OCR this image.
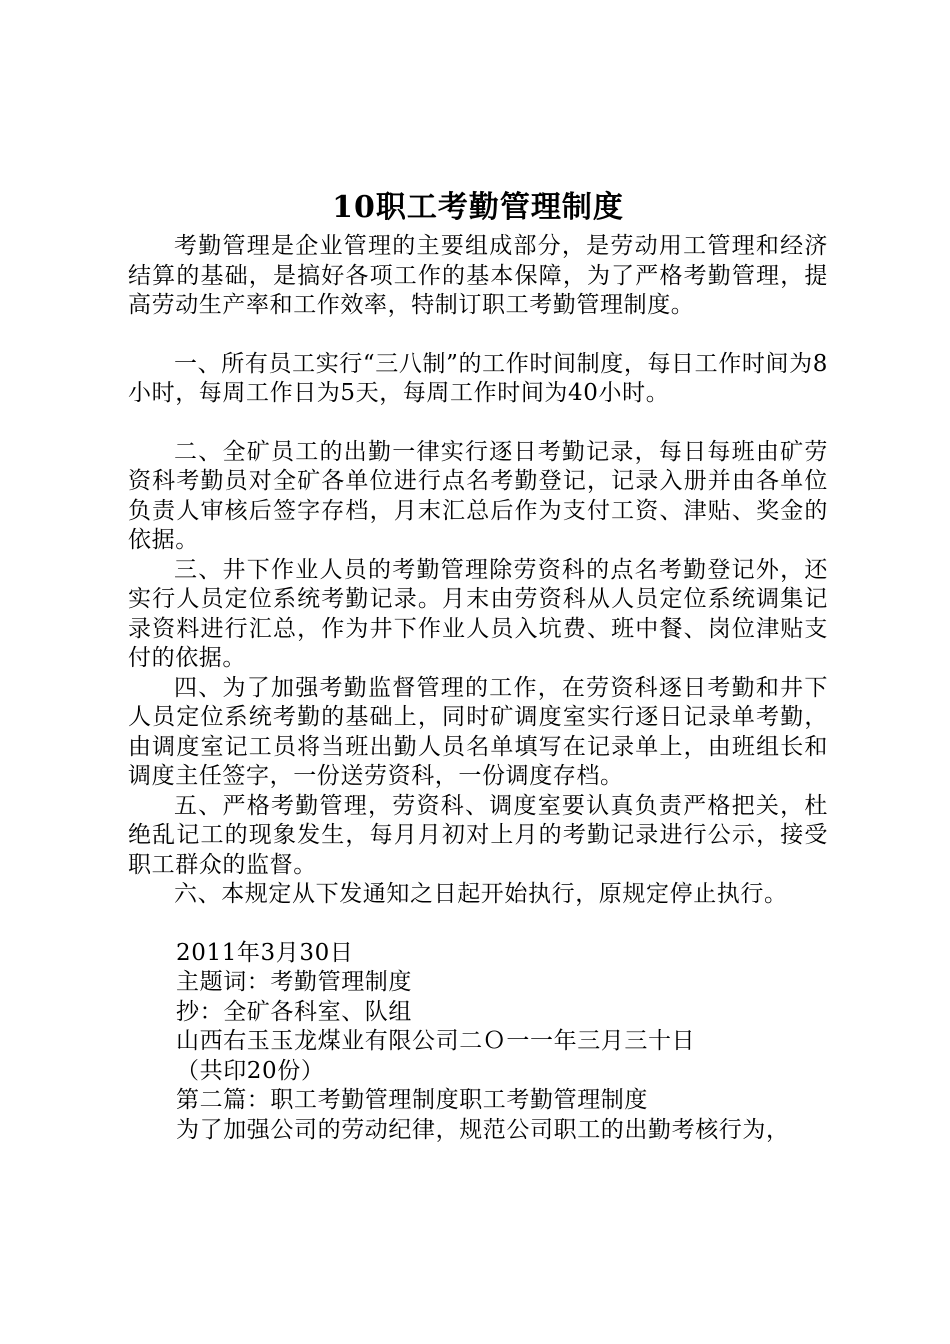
10职工考勤管理制度

考勤管理是企业管理的主要组成部分，是劳动用工管理和经济结算的基础，是搞好各项工作的基本保障，为了严格考勤管理，提高劳动生产率和工作效率，特制订职工考勤管理制度。

一、所有员工实行“三八制”的工作时间制度，每日工作时间为8小时，每周工作日为5天，每周工作时间为40小时。

二、全矿员工的出勤一律实行逐日考勤记录，每日每班由矿劳资科考勤员对全矿各单位进行点名考勤登记，记录入册并由各单位负责人审核后签字存档，月末汇总后作为支付工资、津贴、奖金的依据。

三、井下作业人员的考勤管理除劳资科的点名考勤登记外，还实行人员定位系统考勤记录。月末由劳资科从人员定位系统调集记录资料进行汇总，作为井下作业人员入坑费、班中餐、岗位津贴支付的依据。

四、为了加强考勤监督管理的工作，在劳资科逐日考勤和井下人员定位系统考勤的基础上，同时矿调度室实行逐日记录单考勤，由调度室记工员将当班出勤人员名单填写在记录单上，由班组长和调度主任签字，一份送劳资科，一份调度存档。

五、严格考勤管理，劳资科、调度室要认真负责严格把关，杜绝乱记工的现象发生，每月月初对上月的考勤记录进行公示，接受职工群众的监督。

六、本规定从下发通知之日起开始执行，原规定停止执行。

2011年3月30日

主题词：考勤管理制度

抄：全矿各科室、队组

山西右玉玉龙煤业有限公司二Ｏ一一年三月三十日

（共印20份）

第二篇：职工考勤管理制度职工考勤管理制度

为了加强公司的劳动纪律，规范公司职工的出勤考核行为，
